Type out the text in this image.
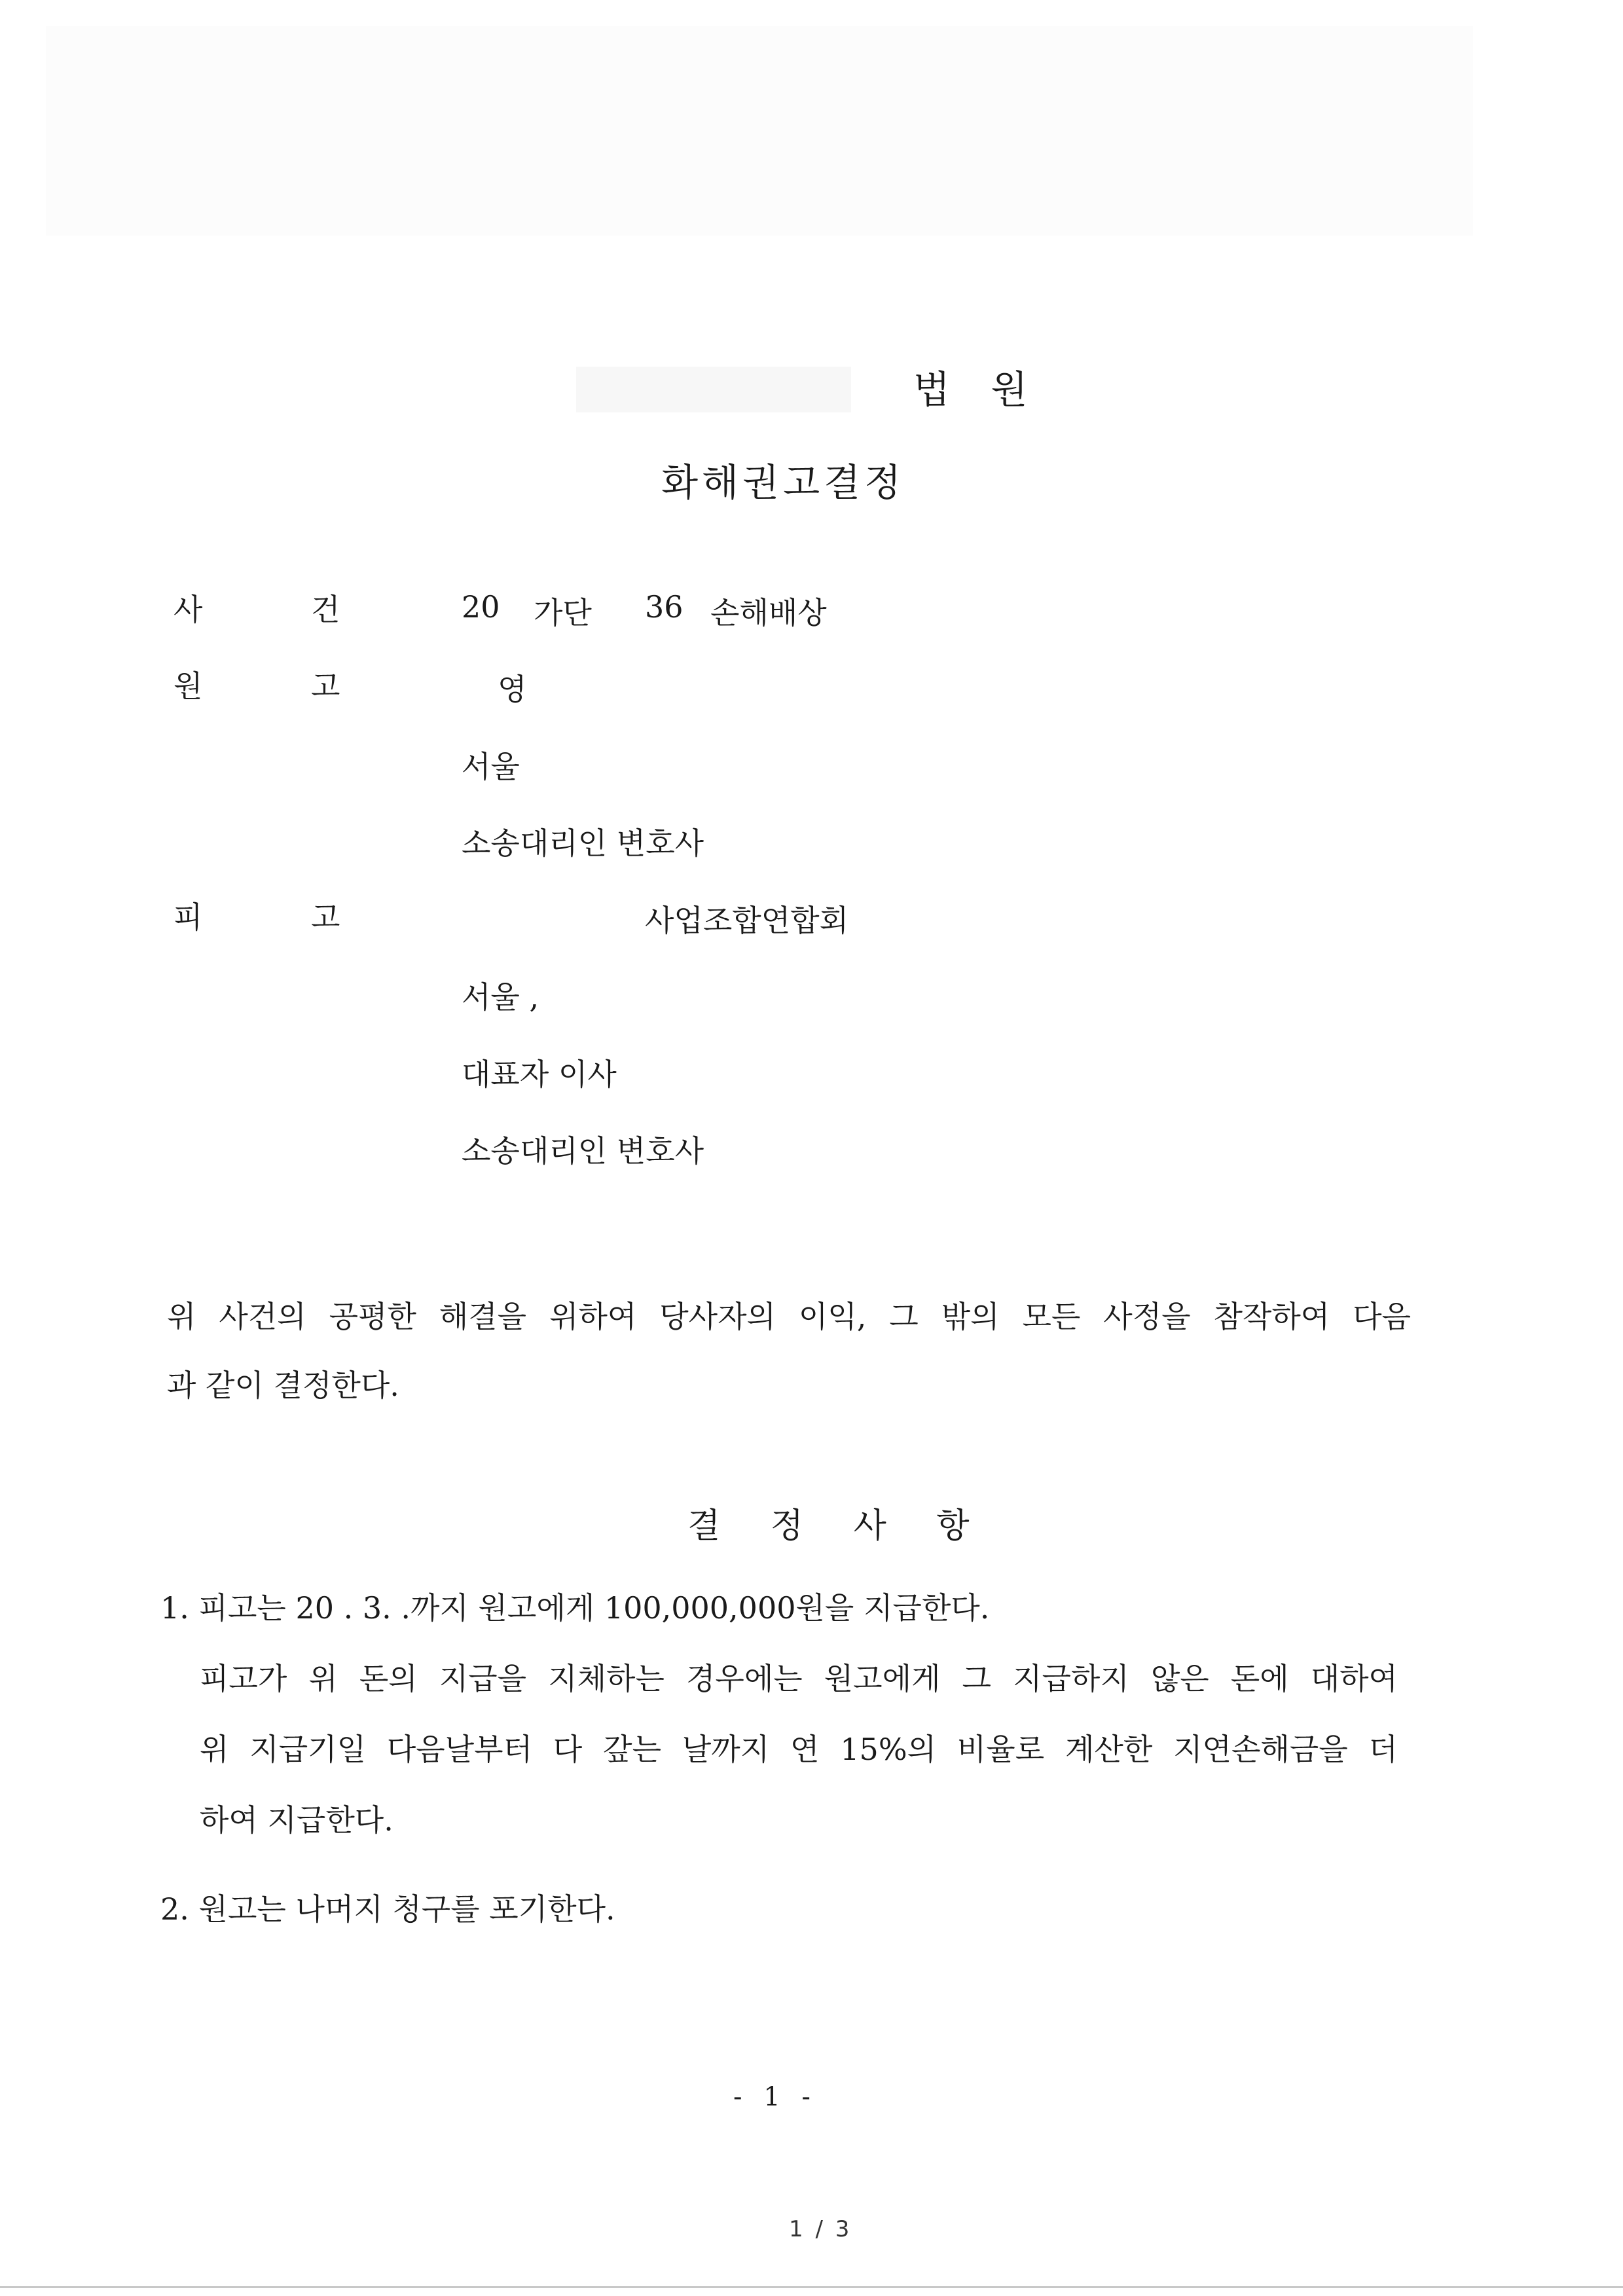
법 원
화해권고결정
사	건	20 가단 36 손해배상
원	고	영
서울
소송대리인 변호사
피	고	사업조합연합회
서울 ,
대표자 이사
소송대리인 변호사
위 사건의 공평한 해결을 위하여 당사자의 이익, 그 밖의 모든 사정을 참작하여 다음
과 같이 결정한다.
결 정 사 항
1. 피고는 20 . 3. .까지 원고에게 100,000,000원을 지급한다.
피고가 위 돈의 지급을 지체하는 경우에는 원고에게 그 지급하지 않은 돈에 대하여
위 지급기일 다음날부터 다 갚는 날까지 연 15%의 비율로 계산한 지연손해금을 더
하여 지급한다.
2. 원고는 나머지 청구를 포기한다.
- 1 -
1 / 3
